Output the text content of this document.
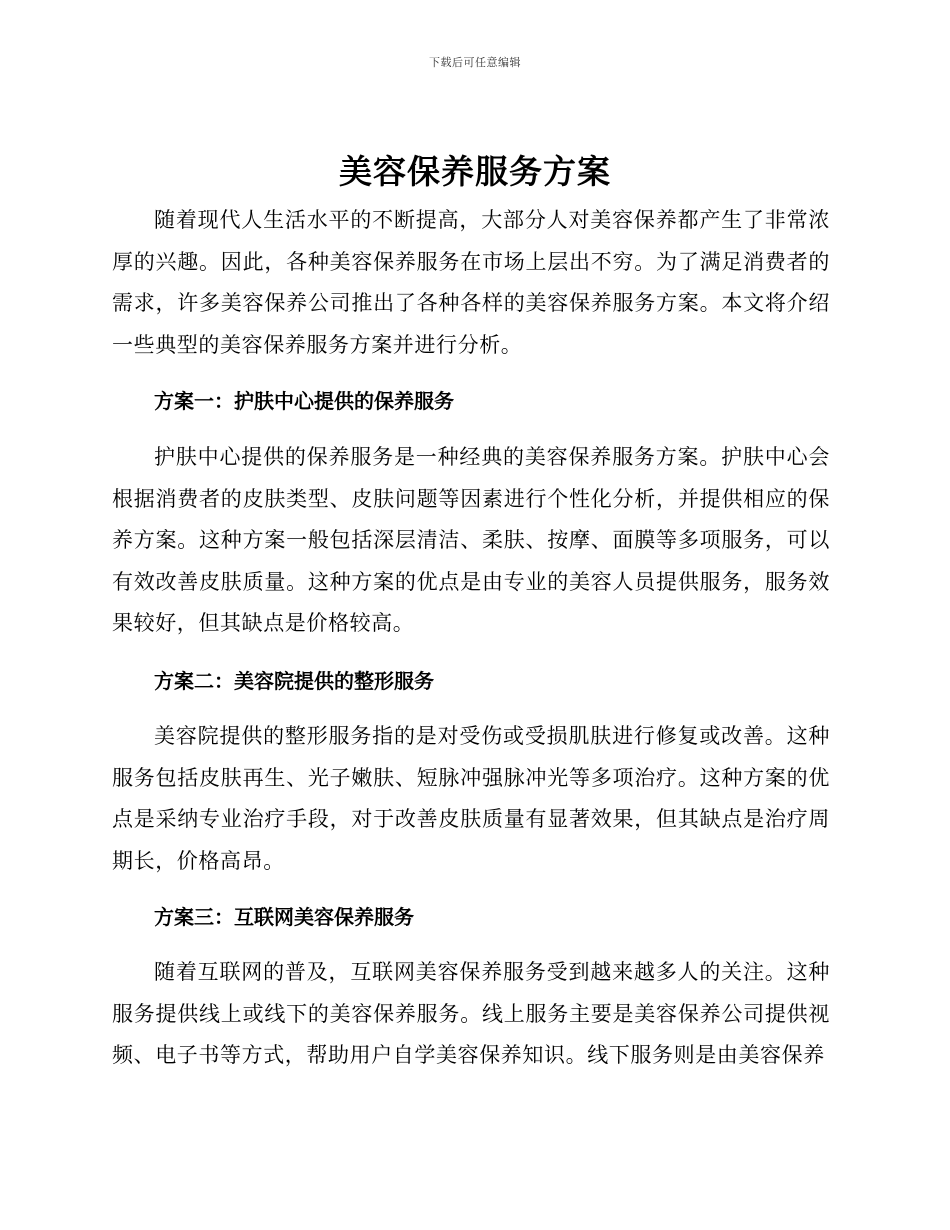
下载后可任意编辑
美容保养服务方案

随着现代人生活水平的不断提高，大部分人对美容保养都产生了非常浓厚的兴趣。因此，各种美容保养服务在市场上层出不穷。为了满足消费者的需求，许多美容保养公司推出了各种各样的美容保养服务方案。本文将介绍一些典型的美容保养服务方案并进行分析。

方案一：护肤中心提供的保养服务

护肤中心提供的保养服务是一种经典的美容保养服务方案。护肤中心会根据消费者的皮肤类型、皮肤问题等因素进行个性化分析，并提供相应的保养方案。这种方案一般包括深层清洁、柔肤、按摩、面膜等多项服务，可以有效改善皮肤质量。这种方案的优点是由专业的美容人员提供服务，服务效果较好，但其缺点是价格较高。

方案二：美容院提供的整形服务

美容院提供的整形服务指的是对受伤或受损肌肤进行修复或改善。这种服务包括皮肤再生、光子嫩肤、短脉冲强脉冲光等多项治疗。这种方案的优点是采纳专业治疗手段，对于改善皮肤质量有显著效果，但其缺点是治疗周期长，价格高昂。

方案三：互联网美容保养服务

随着互联网的普及，互联网美容保养服务受到越来越多人的关注。这种服务提供线上或线下的美容保养服务。线上服务主要是美容保养公司提供视频、电子书等方式，帮助用户自学美容保养知识。线下服务则是由美容保养
